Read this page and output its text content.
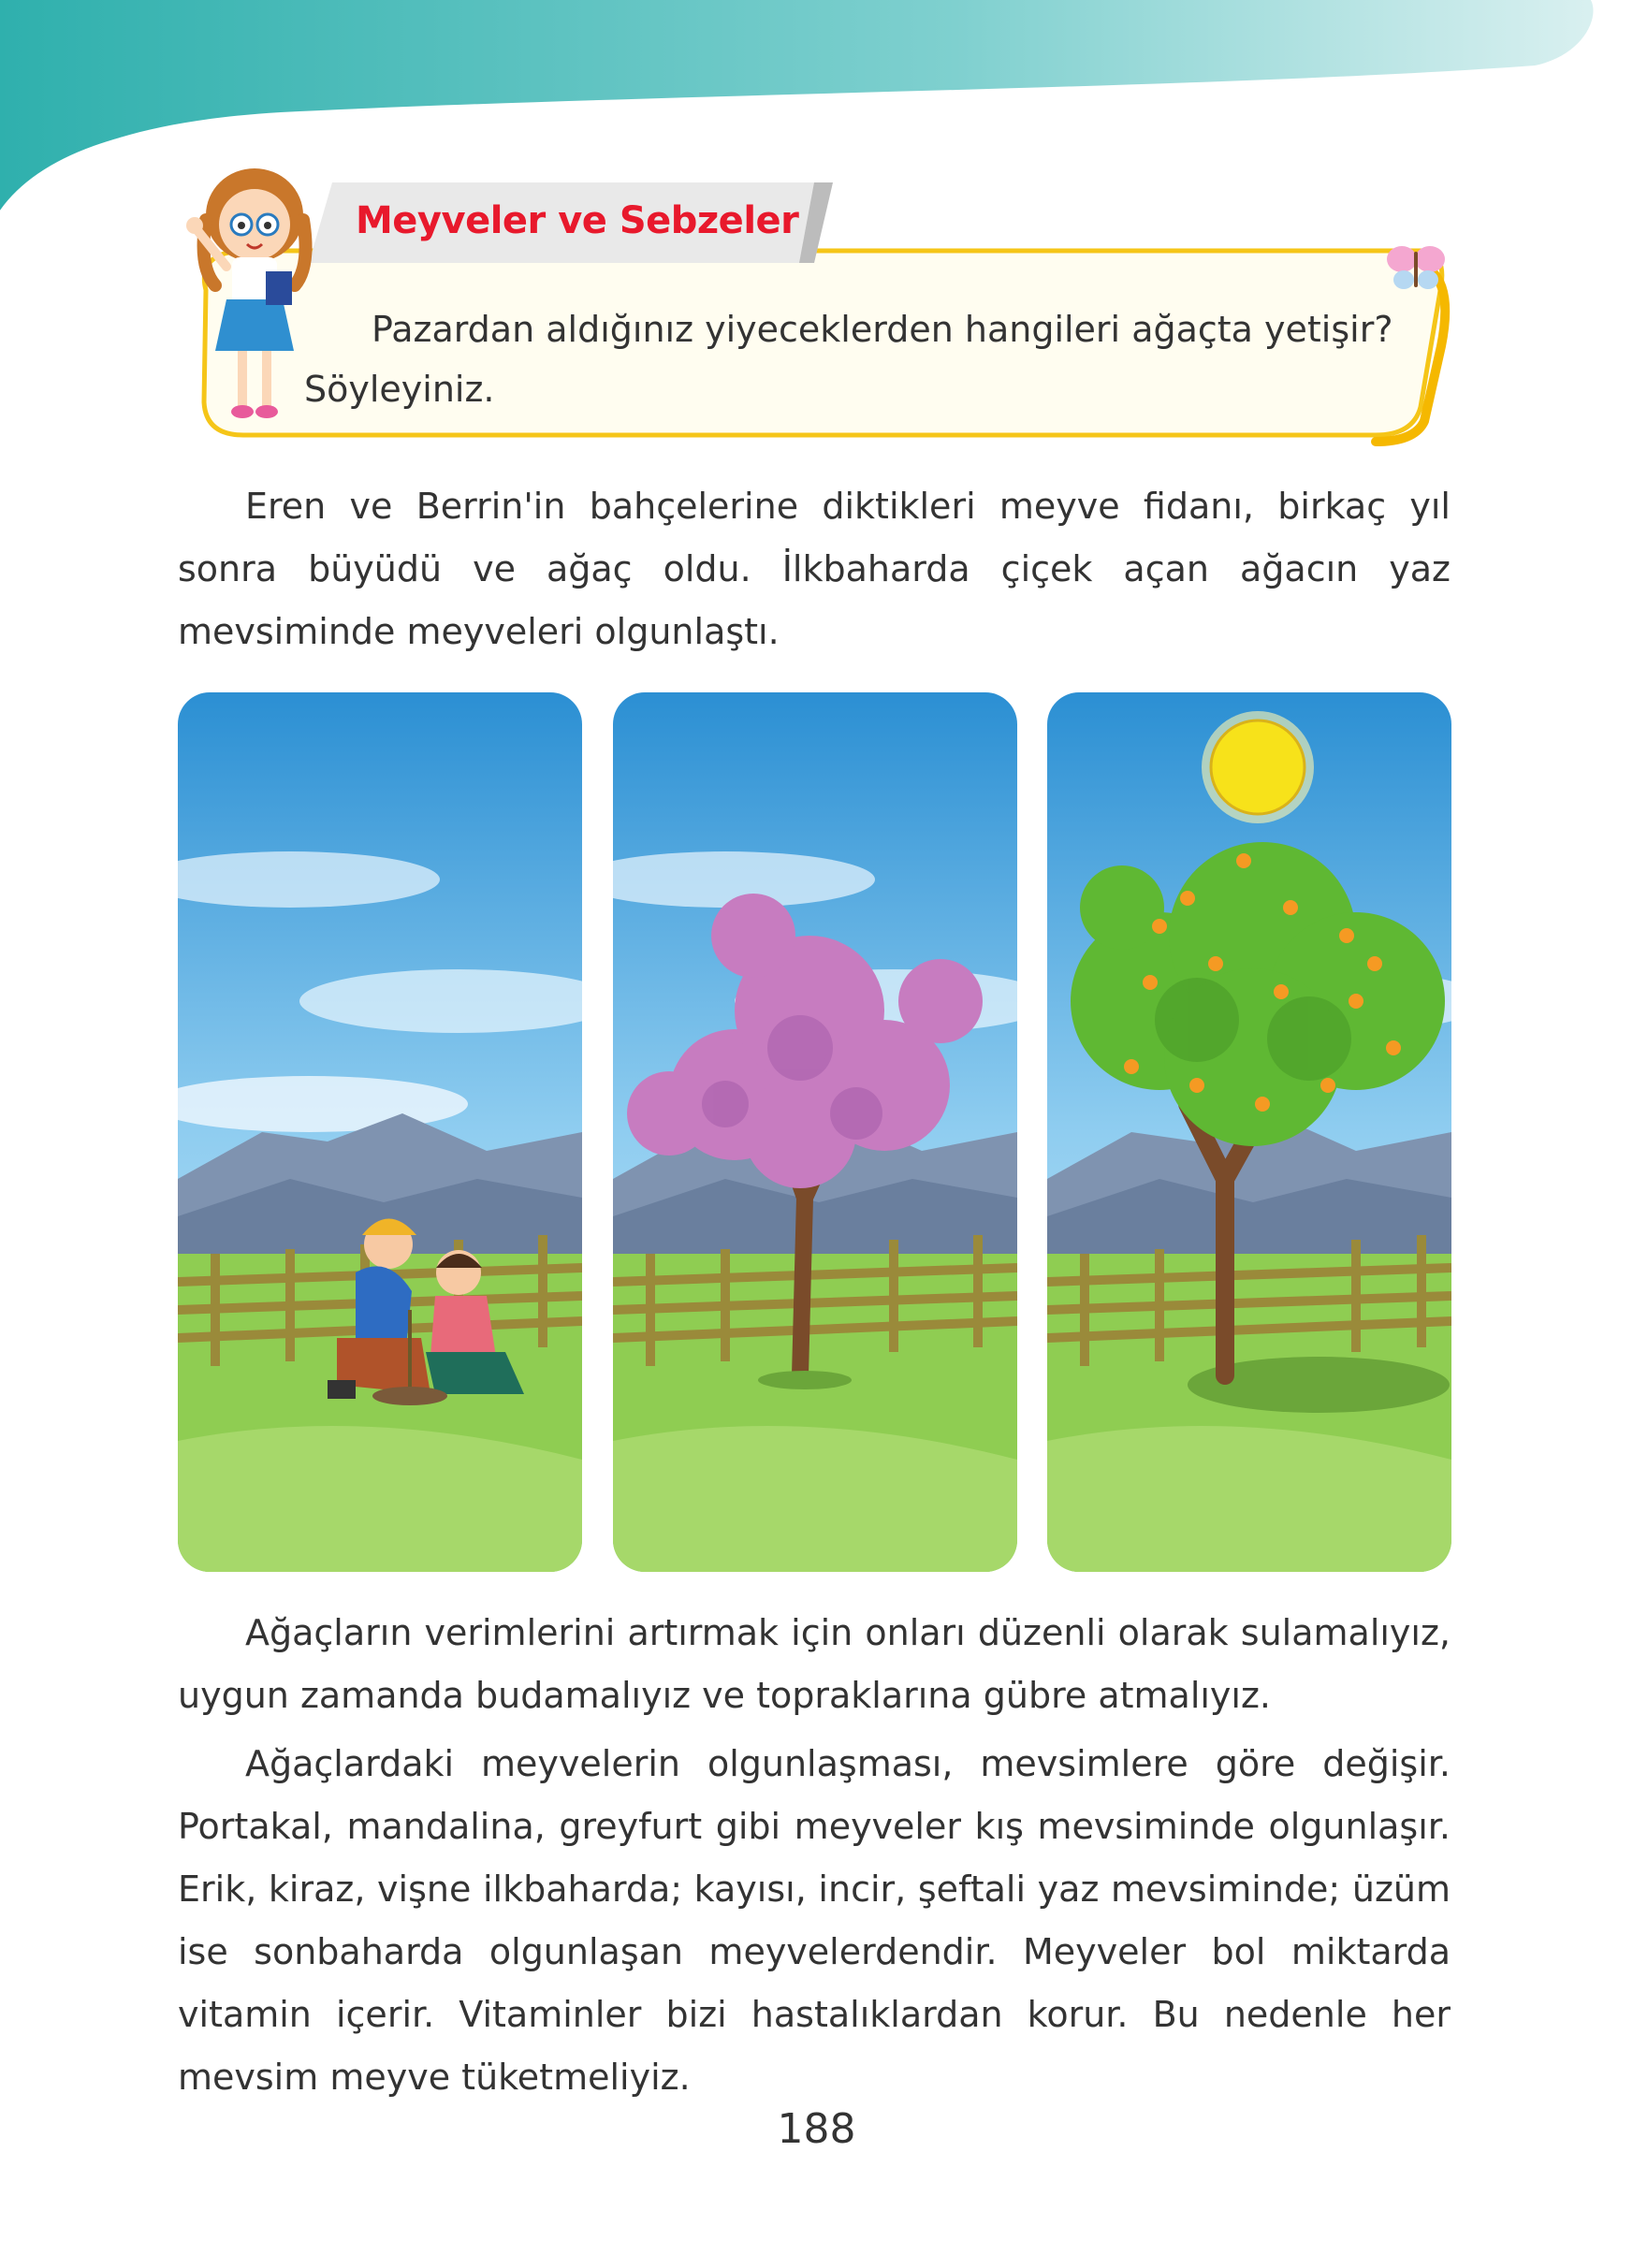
Meyveler ve Sebzeler
Pazardan aldığınız yiyeceklerden hangileri ağaçta yetişir? Söyleyiniz.
Eren ve Berrin'in bahçelerine diktikleri meyve fidanı, birkaç yıl sonra büyüdü ve ağaç oldu. İlkbaharda çiçek açan ağacın yaz mevsiminde meyveleri olgunlaştı.
Ağaçların verimlerini artırmak için onları düzenli olarak sulamalıyız, uygun zamanda budamalıyız ve topraklarına gübre atmalıyız.
Ağaçlardaki meyvelerin olgunlaşması, mevsimlere göre değişir. Portakal, mandalina, greyfurt gibi meyveler kış mevsiminde olgunlaşır. Erik, kiraz, vişne ilkbaharda; kayısı, incir, şeftali yaz mevsiminde; üzüm ise sonbaharda olgunlaşan meyvelerdendir. Meyveler bol miktarda vitamin içerir. Vitaminler bizi hastalıklardan korur. Bu nedenle her mevsim meyve tüketmeliyiz.
188
